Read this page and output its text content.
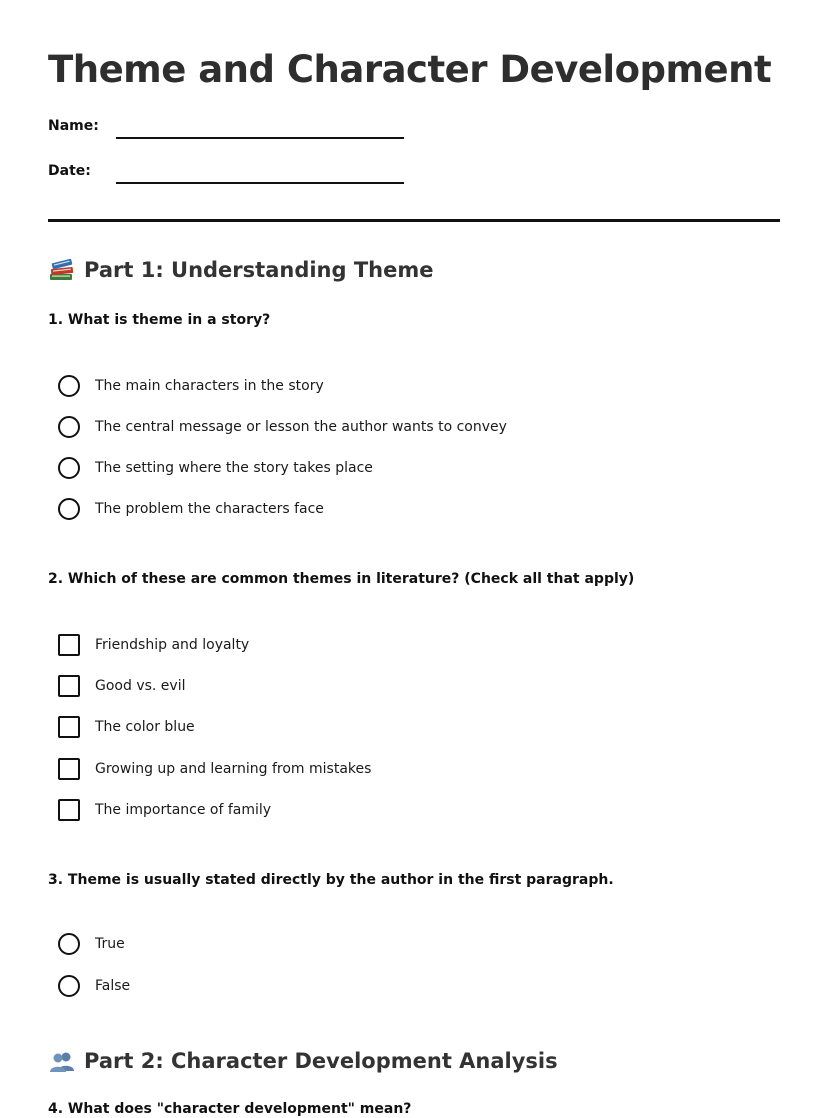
Theme and Character Development
Name:
Date:
Part 1: Understanding Theme

1. What is theme in a story?

The main characters in the story
The central message or lesson the author wants to convey
The setting where the story takes place
The problem the characters face

2. Which of these are common themes in literature? (Check all that apply)

Friendship and loyalty
Good vs. evil
The color blue
Growing up and learning from mistakes
The importance of family

3. Theme is usually stated directly by the author in the first paragraph.

True
False
Part 2: Character Development Analysis

4. What does "character development" mean?
